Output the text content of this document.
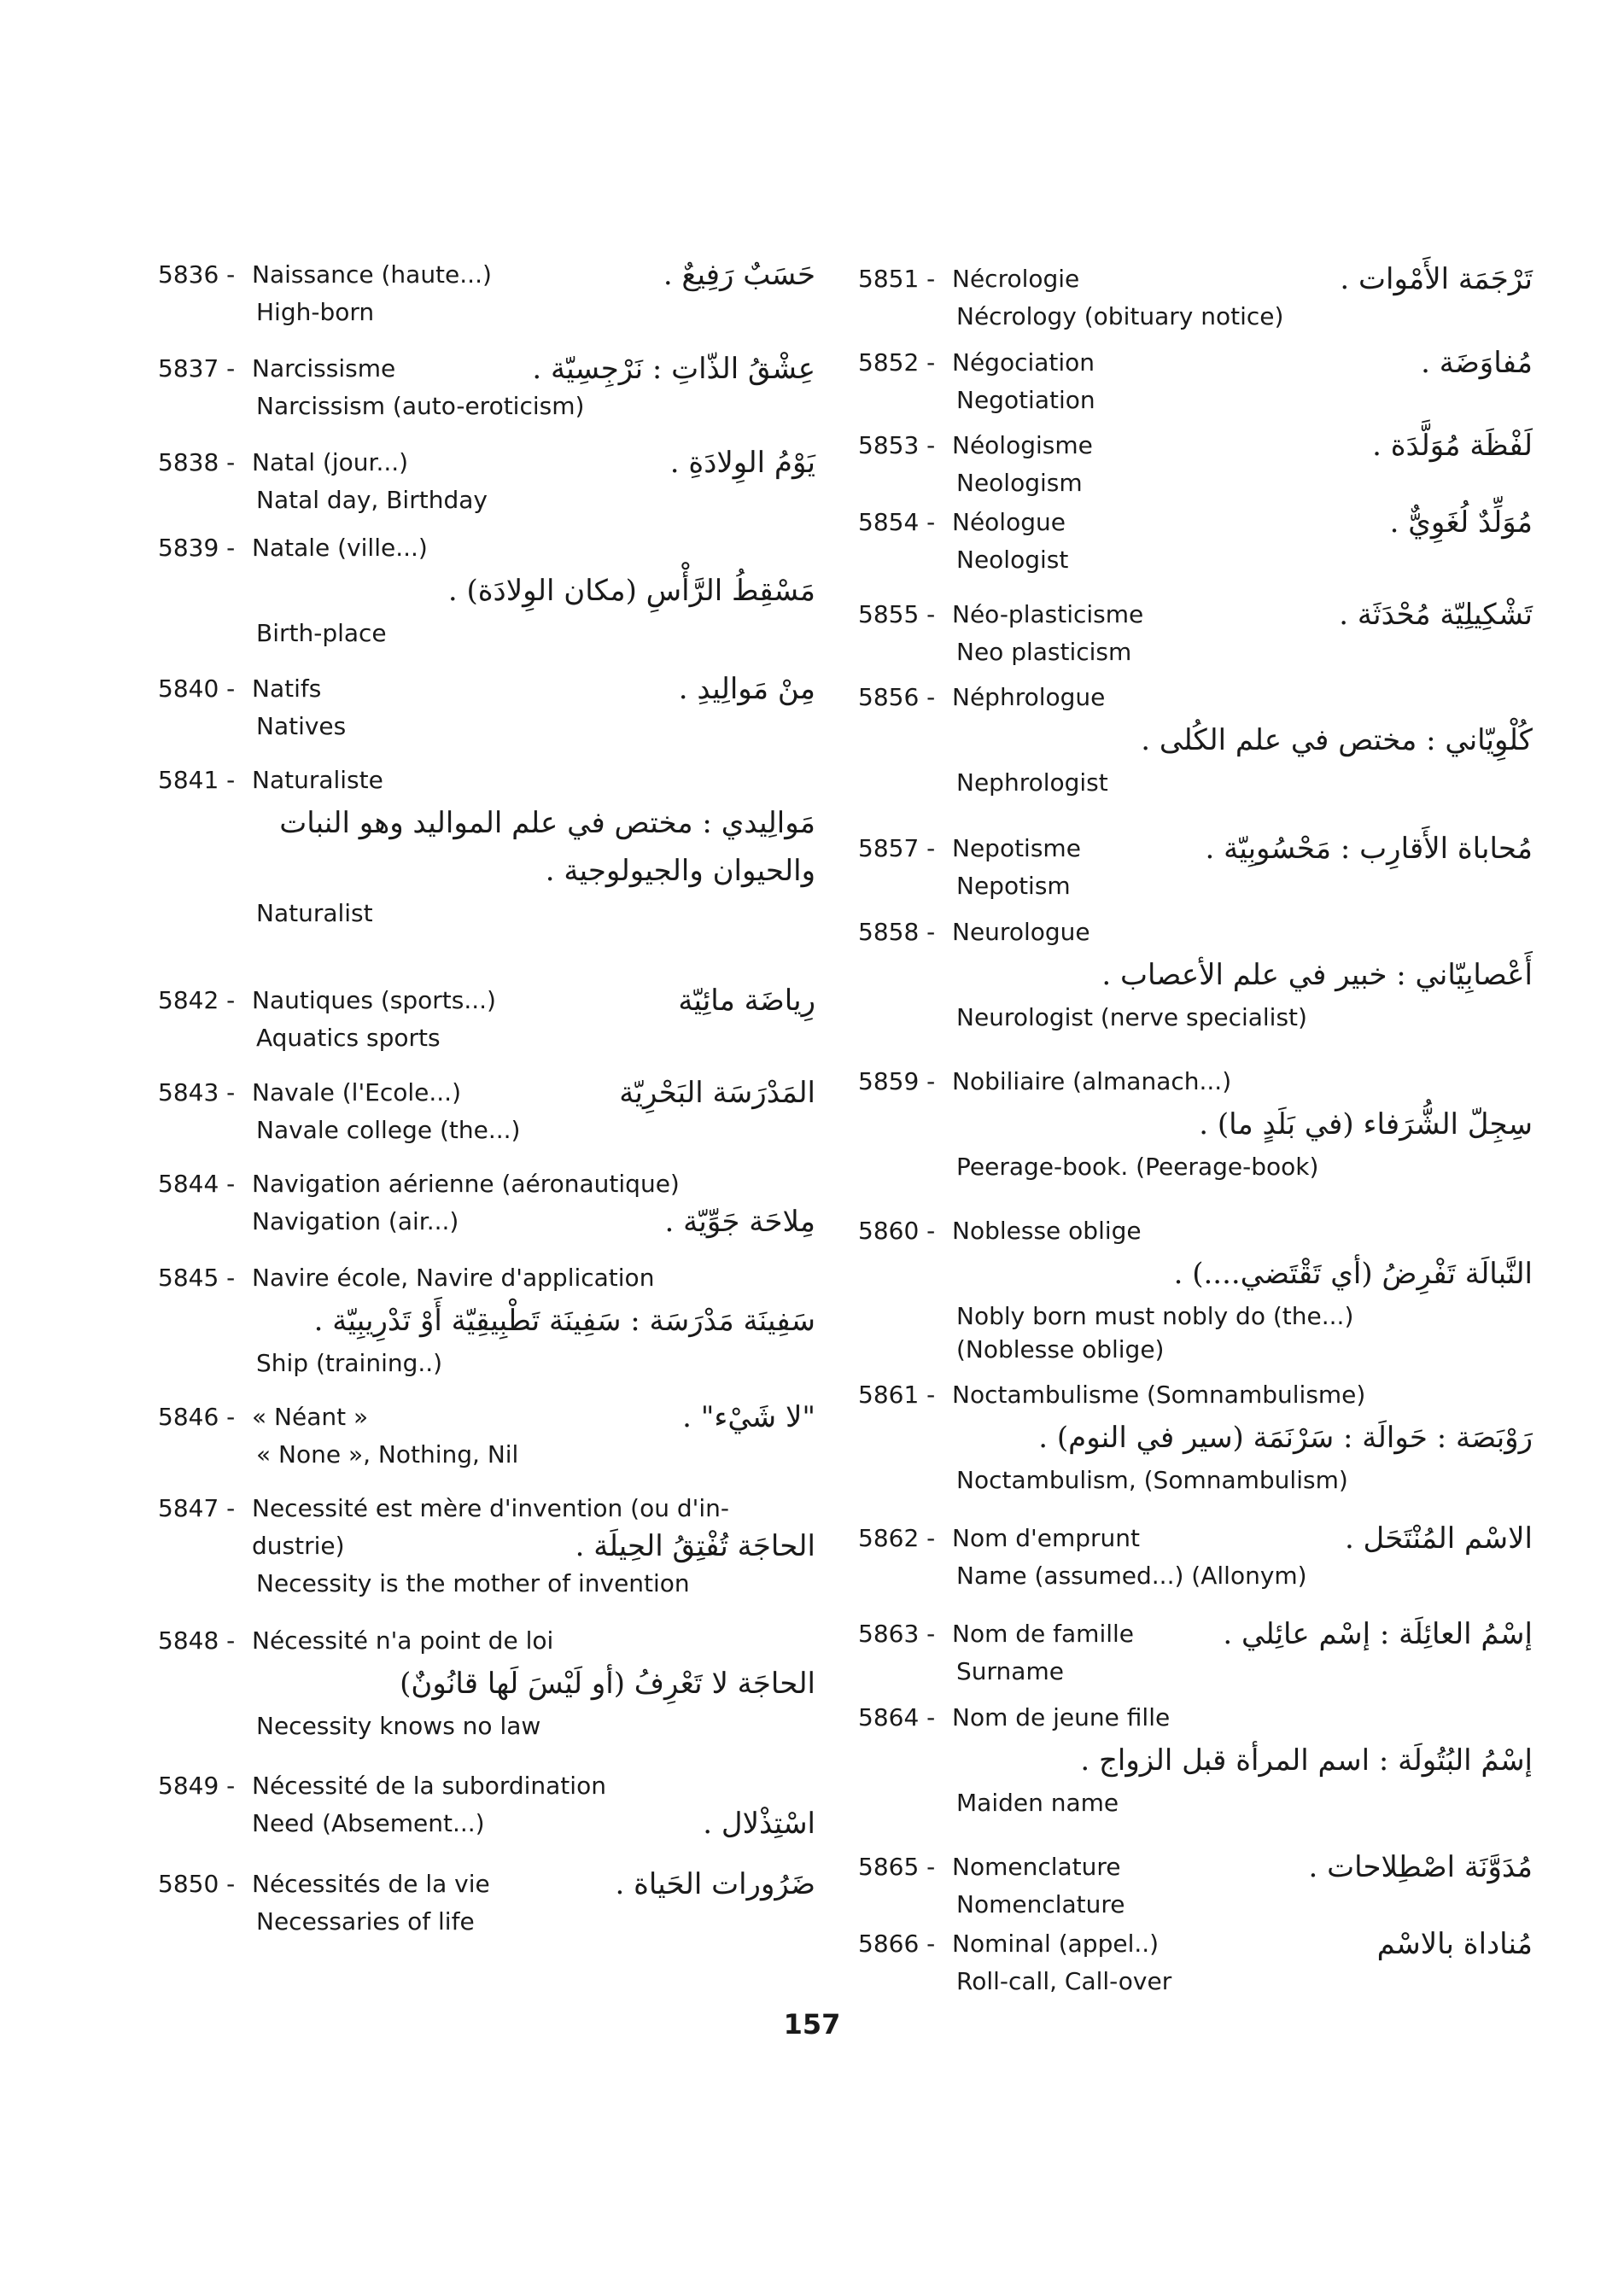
5836 - Naissance (haute...)	حَسَبٌ رَفِيعٌ .
High-born
5837 - Narcissisme	عِشْقُ الذّاتِ : نَرْجِسِيّة .
Narcissism (auto-eroticism)
5838 - Natal (jour...)	يَوْمُ الوِلادَةِ .
Natal day, Birthday
5839 - Natale (ville...)
مَسْقِطُ الرَّأْسِ (مكان الوِلادَة) .
Birth-place
5840 - Natifs	مِنْ مَوالِيدِ .
Natives
5841 - Naturaliste
مَوالِيدي : مختص في علم المواليد وهو النبات
والحيوان والجيولوجية .
Naturalist
5842 - Nautiques (sports...)	رِياضَة مائِيّة
Aquatics sports
5843 - Navale (l'Ecole...)	المَدْرَسَة البَحْرِيّة
Navale college (the...)
5844 - Navigation aérienne (aéronautique)
Navigation (air...)	مِلاحَة جَوِّيّة .
5845 - Navire école, Navire d'application
سَفِينَة مَدْرَسَة : سَفِينَة تَطْبِيقِيّة أَوْ تَدْرِيبِيّة .
Ship (training..)
5846 - « Néant »	"لا شَيْء" .
« None », Nothing, Nil
5847 - Necessité est mère d'invention (ou d'in-
dustrie)	الحاجَة تُفْتِقُ الحِيلَة .
Necessity is the mother of invention
5848 - Nécessité n'a point de loi
الحاجَة لا تَعْرِفُ (أو لَيْسَ لَها قانُونٌ)
Necessity knows no law
5849 - Nécessité de la subordination
Need (Absement...)	اسْتِذْلال .
5850 - Nécessités de la vie	ضَرُورات الحَياة .
Necessaries of life
5851 - Nécrologie	تَرْجَمَة الأَمْوات .
Nécrology (obituary notice)
5852 - Négociation	مُفاوَضَة .
Negotiation
5853 - Néologisme	لَفْظَة مُوَلَّدَة .
Neologism
5854 - Néologue	مُوَلِّدٌ لُغَوِيٌّ .
Neologist
5855 - Néo-plasticisme	تَشْكِيلِيّة مُحْدَثَة .
Neo plasticism
5856 - Néphrologue
كُلْوِيّاني : مختص في علم الكُلى .
Nephrologist
5857 - Nepotisme	مُحاباة الأَقارِب : مَحْسُوبِيّة .
Nepotism
5858 - Neurologue
أَعْصابِيّاني : خبير في علم الأعصاب .
Neurologist (nerve specialist)
5859 - Nobiliaire (almanach...)
سِجِلّ الشُّرَفاء (في بَلَدٍ ما) .
Peerage-book. (Peerage-book)
5860 - Noblesse oblige
النَّبالَة تَفْرِضُ (أي تَقْتَضي....) .
Nobly born must nobly do (the...)
(Noblesse oblige)
5861 - Noctambulisme (Somnambulisme)
رَوْبَصَة : حَوالَة : سَرْنَمَة (سير في النوم) .
Noctambulism, (Somnambulism)
5862 - Nom d'emprunt	الاسْم المُنْتَحَل .
Name (assumed...) (Allonym)
5863 - Nom de famille	إسْمُ العائِلَة : إسْم عائِلي .
Surname
5864 - Nom de jeune fille
إسْمُ البُتُولَة : اسم المرأة قبل الزواج .
Maiden name
5865 - Nomenclature	مُدَوَّنَة اصْطِلاحات .
Nomenclature
5866 - Nominal (appel..)	مُناداة بالاسْم
Roll-call, Call-over
157
